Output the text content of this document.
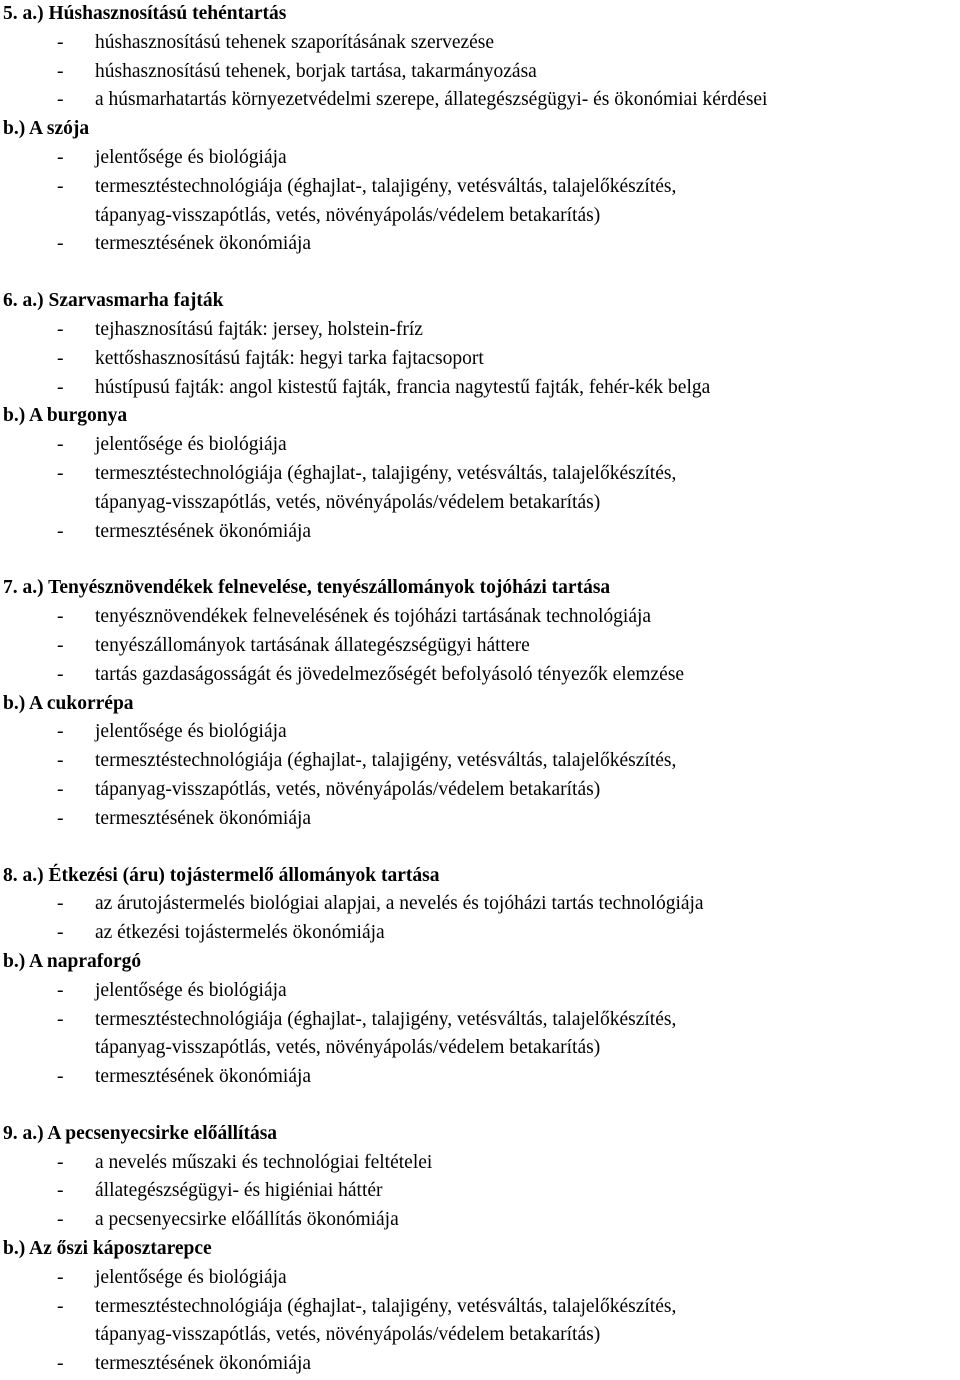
5. a.) Húshasznosítású tehéntartás
-	húshasznosítású tehenek szaporításának szervezése
-	húshasznosítású tehenek, borjak tartása, takarmányozása
-	a húsmarhatartás környezetvédelmi szerepe, állategészségügyi- és ökonómiai kérdései
b.) A szója
-	jelentősége és biológiája
-	termesztéstechnológiája (éghajlat-, talajigény, vetésváltás, talajelőkészítés,
tápanyag-visszapótlás, vetés, növényápolás/védelem betakarítás)
-	termesztésének ökonómiája
6. a.) Szarvasmarha fajták
-	tejhasznosítású fajták: jersey, holstein-fríz
-	kettőshasznosítású fajták: hegyi tarka fajtacsoport
-	hústípusú fajták: angol kistestű fajták, francia nagytestű fajták, fehér-kék belga
b.) A burgonya
-	jelentősége és biológiája
-	termesztéstechnológiája (éghajlat-, talajigény, vetésváltás, talajelőkészítés,
tápanyag-visszapótlás, vetés, növényápolás/védelem betakarítás)
-	termesztésének ökonómiája
7. a.) Tenyésznövendékek felnevelése, tenyészállományok tojóházi tartása
-	tenyésznövendékek felnevelésének és tojóházi tartásának technológiája
-	tenyészállományok tartásának állategészségügyi háttere
-	tartás gazdaságosságát és jövedelmezőségét befolyásoló tényezők elemzése
b.) A cukorrépa
-	jelentősége és biológiája
-	termesztéstechnológiája (éghajlat-, talajigény, vetésváltás, talajelőkészítés,
-	tápanyag-visszapótlás, vetés, növényápolás/védelem betakarítás)
-	termesztésének ökonómiája
8. a.) Étkezési (áru) tojástermelő állományok tartása
-	az árutojástermelés biológiai alapjai, a nevelés és tojóházi tartás technológiája
-	az étkezési tojástermelés ökonómiája
b.) A napraforgó
-	jelentősége és biológiája
-	termesztéstechnológiája (éghajlat-, talajigény, vetésváltás, talajelőkészítés,
tápanyag-visszapótlás, vetés, növényápolás/védelem betakarítás)
-	termesztésének ökonómiája
9. a.) A pecsenyecsirke előállítása
-	a nevelés műszaki és technológiai feltételei
-	állategészségügyi- és higiéniai háttér
-	a pecsenyecsirke előállítás ökonómiája
b.) Az őszi káposztarepce
-	jelentősége és biológiája
-	termesztéstechnológiája (éghajlat-, talajigény, vetésváltás, talajelőkészítés,
tápanyag-visszapótlás, vetés, növényápolás/védelem betakarítás)
-	termesztésének ökonómiája
